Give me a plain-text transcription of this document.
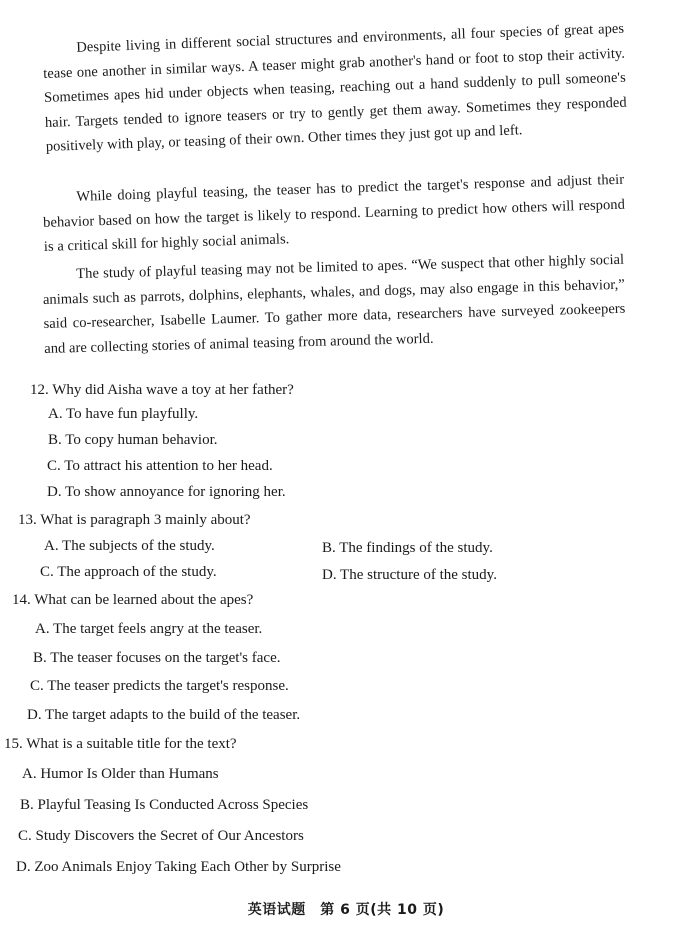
Despite living in different social structures and environments, all four species of great apes tease one another in similar ways. A teaser might grab another's hand or foot to stop their activity. Sometimes apes hid under objects when teasing, reaching out a hand suddenly to pull someone's hair. Targets tended to ignore teasers or try to gently get them away. Sometimes they responded positively with play, or teasing of their own. Other times they just got up and left.

While doing playful teasing, the teaser has to predict the target's response and adjust their behavior based on how the target is likely to respond. Learning to predict how others will respond is a critical skill for highly social animals.

The study of playful teasing may not be limited to apes. “We suspect that other highly social animals such as parrots, dolphins, elephants, whales, and dogs, may also engage in this behavior,” said co-researcher, Isabelle Laumer. To gather more data, researchers have surveyed zookeepers and are collecting stories of animal teasing from around the world.

12. Why did Aisha wave a toy at her father?
A. To have fun playfully.
B. To copy human behavior.
C. To attract his attention to her head.
D. To show annoyance for ignoring her.
13. What is paragraph 3 mainly about?
A. The subjects of the study.	B. The findings of the study.
C. The approach of the study.	D. The structure of the study.
14. What can be learned about the apes?
A. The target feels angry at the teaser.
B. The teaser focuses on the target's face.
C. The teaser predicts the target's response.
D. The target adapts to the build of the teaser.
15. What is a suitable title for the text?
A. Humor Is Older than Humans
B. Playful Teasing Is Conducted Across Species
C. Study Discovers the Secret of Our Ancestors
D. Zoo Animals Enjoy Taking Each Other by Surprise
英语试题　第 6 页(共 10 页)
